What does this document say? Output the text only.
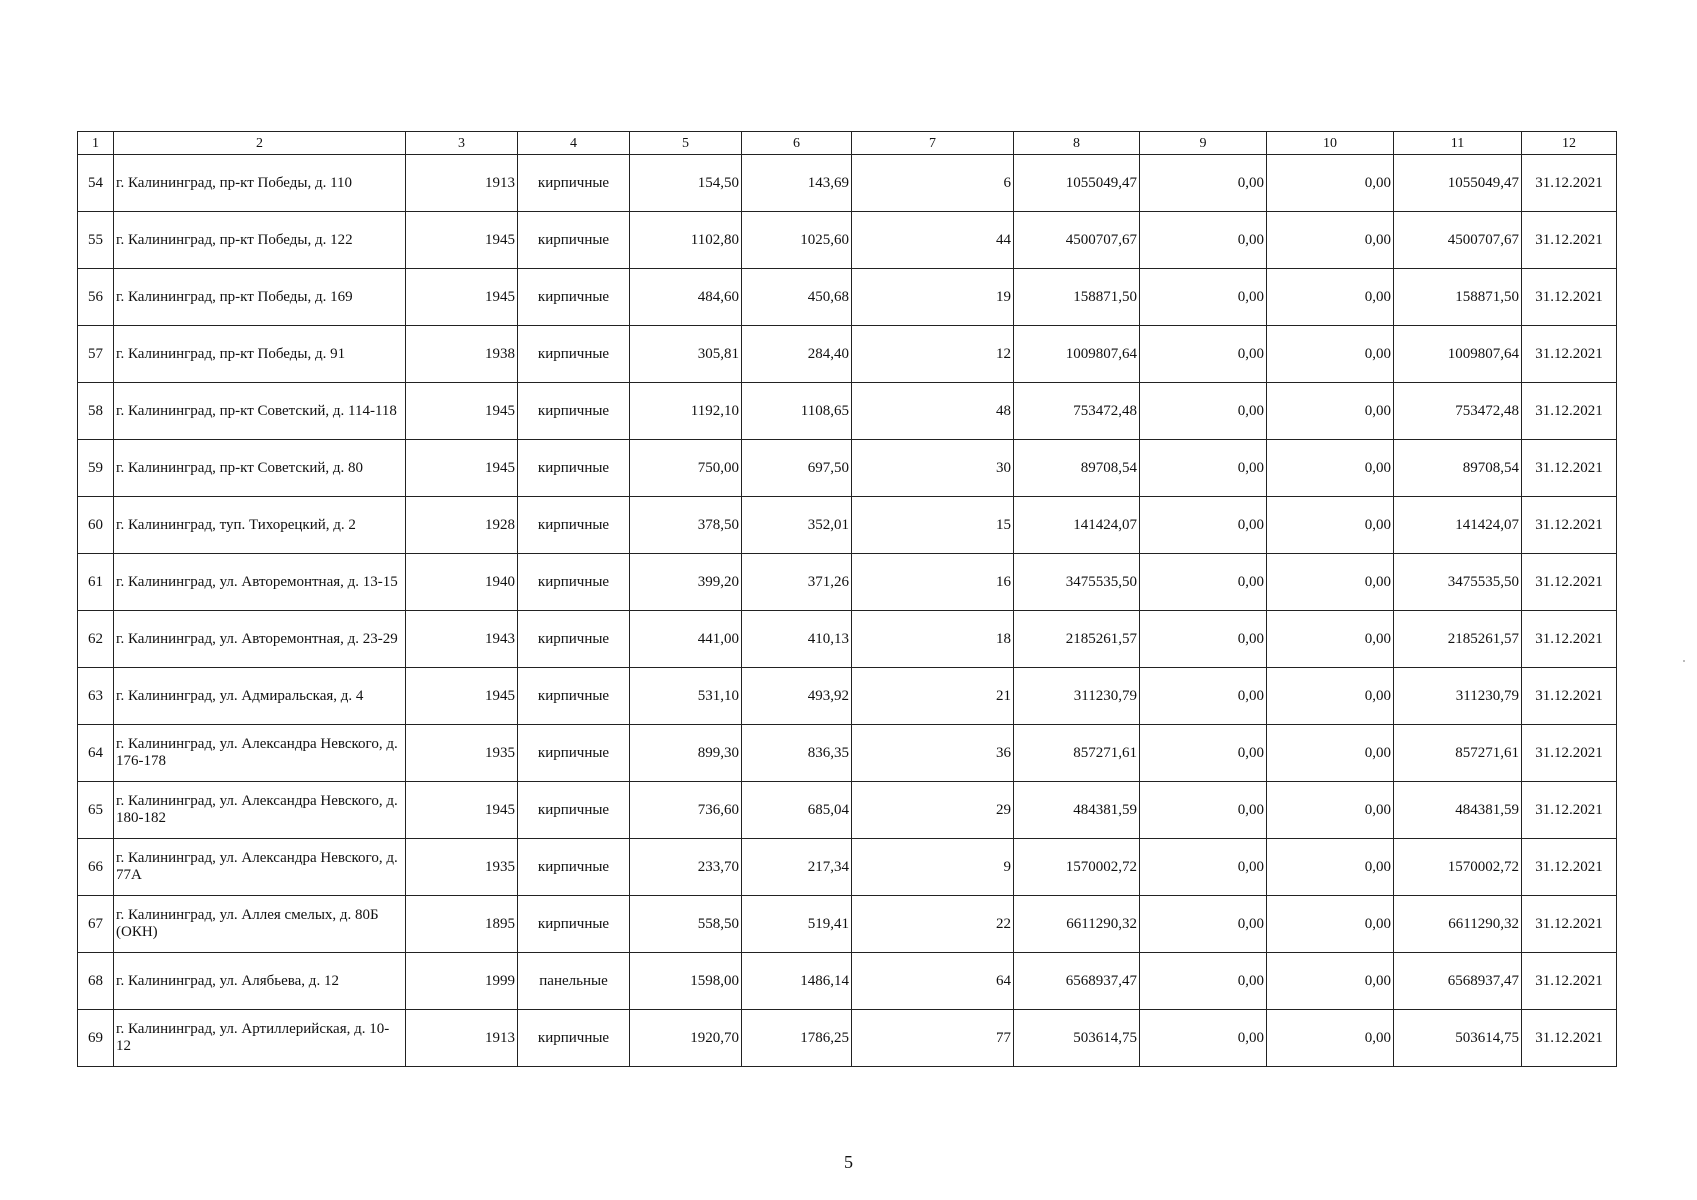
1	2	3	4	5	6	7	8	9	10	11	12
54	г. Калининград, пр-кт Победы, д. 110	1913	кирпичные	154,50	143,69	6	1055049,47	0,00	0,00	1055049,47	31.12.2021
55	г. Калининград, пр-кт Победы, д. 122	1945	кирпичные	1102,80	1025,60	44	4500707,67	0,00	0,00	4500707,67	31.12.2021
56	г. Калининград, пр-кт Победы, д. 169	1945	кирпичные	484,60	450,68	19	158871,50	0,00	0,00	158871,50	31.12.2021
57	г. Калининград, пр-кт Победы, д. 91	1938	кирпичные	305,81	284,40	12	1009807,64	0,00	0,00	1009807,64	31.12.2021
58	г. Калининград, пр-кт Советский, д. 114-118	1945	кирпичные	1192,10	1108,65	48	753472,48	0,00	0,00	753472,48	31.12.2021
59	г. Калининград, пр-кт Советский, д. 80	1945	кирпичные	750,00	697,50	30	89708,54	0,00	0,00	89708,54	31.12.2021
60	г. Калининград, туп. Тихорецкий, д. 2	1928	кирпичные	378,50	352,01	15	141424,07	0,00	0,00	141424,07	31.12.2021
61	г. Калининград, ул. Авторемонтная, д. 13-15	1940	кирпичные	399,20	371,26	16	3475535,50	0,00	0,00	3475535,50	31.12.2021
62	г. Калининград, ул. Авторемонтная, д. 23-29	1943	кирпичные	441,00	410,13	18	2185261,57	0,00	0,00	2185261,57	31.12.2021
63	г. Калининград, ул. Адмиральская, д. 4	1945	кирпичные	531,10	493,92	21	311230,79	0,00	0,00	311230,79	31.12.2021
64	г. Калининград, ул. Александра Невского, д. 176-178	1935	кирпичные	899,30	836,35	36	857271,61	0,00	0,00	857271,61	31.12.2021
65	г. Калининград, ул. Александра Невского, д. 180-182	1945	кирпичные	736,60	685,04	29	484381,59	0,00	0,00	484381,59	31.12.2021
66	г. Калининград, ул. Александра Невского, д. 77А	1935	кирпичные	233,70	217,34	9	1570002,72	0,00	0,00	1570002,72	31.12.2021
67	г. Калининград, ул. Аллея смелых, д. 80Б (ОКН)	1895	кирпичные	558,50	519,41	22	6611290,32	0,00	0,00	6611290,32	31.12.2021
68	г. Калининград, ул. Алябьева, д. 12	1999	панельные	1598,00	1486,14	64	6568937,47	0,00	0,00	6568937,47	31.12.2021
69	г. Калининград, ул. Артиллерийская, д. 10-12	1913	кирпичные	1920,70	1786,25	77	503614,75	0,00	0,00	503614,75	31.12.2021
5
